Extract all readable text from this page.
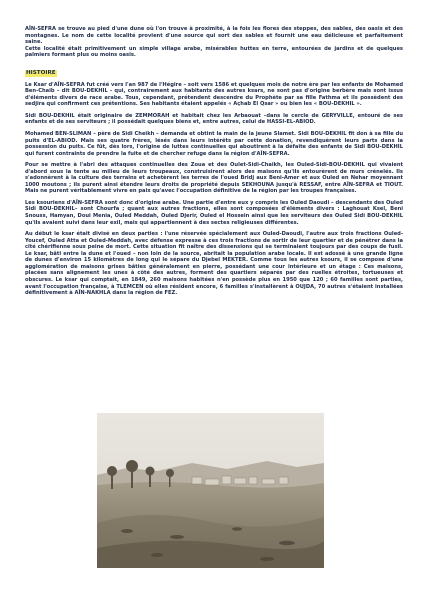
AÏN-SEFRA se trouve au pied d'une dune où l'on trouve à proximité, à la fois les flores des steppes, des sables, des oasis et des montagnes. Le nom de cette localité provient d'une source qui sort des sables et fournit une eau délicieuse et parfaitement saine.

Cette localité était primitivement un simple village arabe, misérables huttes en terre, entourées de jardins et de quelques palmiers formant plus ou moins oasis.

HISTOIRE

Le Ksar d'AÏN-SEFRA fut créé vers l'an 987 de l'Hégire – soit vers 1586 et quelques mois de notre ère par les enfants de Mohamed Ben-Chaib – dit BOU-DEKHIL - qui, contrairement aux habitants des autres ksars, ne sont pas d'origine berbère mais sont issus d'éléments divers de race arabe. Tous, cependant, prétendent descendre du Prophète par sa fille Fathma et ils possèdent des sedjira qui confirment ces prétentions. Ses habitants étaient appelés « Açhab El Qsar » ou bien les « BOU-DEKHIL ».

Sidi BOU-DEKHIL était originaire de ZEMMORAH et habitait chez les Arbaouat –dans le cercle de GERYVILLE, entouré de ses enfants et de ses serviteurs ; il possédait quelques biens et, entre autres, celui de HASSI-EL-ABIOD.

Mohamed BEN-SLIMAN – père de Sidi Cheikh – demanda et obtint la main de la jeune Slamet. Sidi BOU-DEKHIL fit don à sa fille du puits d'EL-ABIOD. Mais ses quatre frères, lésés dans leurs intérêts par cette donation, revendiquèrent leurs parts dans la possession du puits. Ce fût, dès lors, l'origine de luttes continuelles qui aboutirent à la défaite des enfants de Sidi BOU-DEKHIL qui furent contraints de prendre la fuite et de chercher refuge dans la région d'AÏN-SEFRA.

Pour se mettre à l'abri des attaques continuelles des Zoua et des Oulet-Sidi-Chaikh, les Ouled-Sidi-BOU-DEKHIL qui vivaient d'abord sous la tente au milieu de leurs troupeaux, construisirent alors des maisons qu'ils entourèrent de murs crénelés. Ils s'adonnèrent à la culture des terrains et achetèrent les terres de l'oued Bridj aux Beni-Amer et aux Ouled en Nehar moyennant 1000 moutons ; ils purent ainsi étendre leurs droits de propriété depuis SEKHOUNA jusqu'à RESSAF, entre AÏN-SEFRA et TIOUT. Mais ne purent véritablement vivre en paix qu'avec l'occupation définitive de la région par les troupes françaises.

Les ksouriens d'AÏN-SEFRA sont donc d'origine arabe. Une partie d'entre eux y compris les Ouled Daoudi – descendants des Ouled Sidi BOU-DEKHIL– sont Chourfa ; quant aux autres fractions, elles sont composées d'éléments divers : Laghouat Ksel, Beni Snouss, Hamyan, Doui Menia, Ouled Meddah, Ouled Djerir, Ouled el Hossein ainsi que les serviteurs des Ouled Sidi BOU-DEKHIL qu'ils avaient suivi dans leur exil, mais qui appartiennent à des sectes religieuses différentes.

Au début le ksar était divisé en deux parties : l'une réservée spécialement aux Ouled-Daoudi, l'autre aux trois fractions Ouled-Youcef, Ouled Atta et Ouled-Meddah, avec défense expresse à ces trois fractions de sortir de leur quartier et de pénétrer dans la cité chérifienne sous peine de mort. Cette situation fit naître des dissensions qui se terminaient toujours par des coups de fusil. Le ksar, bâti entre la dune et l'oued – non loin de la source, abritait la population arabe locale. Il est adossé à une grande ligne de dunes d'environ 15 kilomètres de long qui le sépare du Djebel MEKTER. Comme tous les autres ksours, il se compose d'une agglomération de maisons grises bâties généralement en pierre, possédant une cour intérieure et un étage : Ces maisons, placées sans alignement les unes à côté des autres, forment des quartiers séparés par des ruelles étroites, tortueuses et obscures. Le ksar qui comptait, en 1849, 260 maisons habitées n'en possède plus en 1950 que 120 ; 60 familles sont parties, avant l'occupation française, à TLEMCEN où elles résident encore, 6 familles s'installèrent à OUJDA, 70 autres s'étaient installées définitivement à AÏN-NAKHLA dans la région de FEZ.
